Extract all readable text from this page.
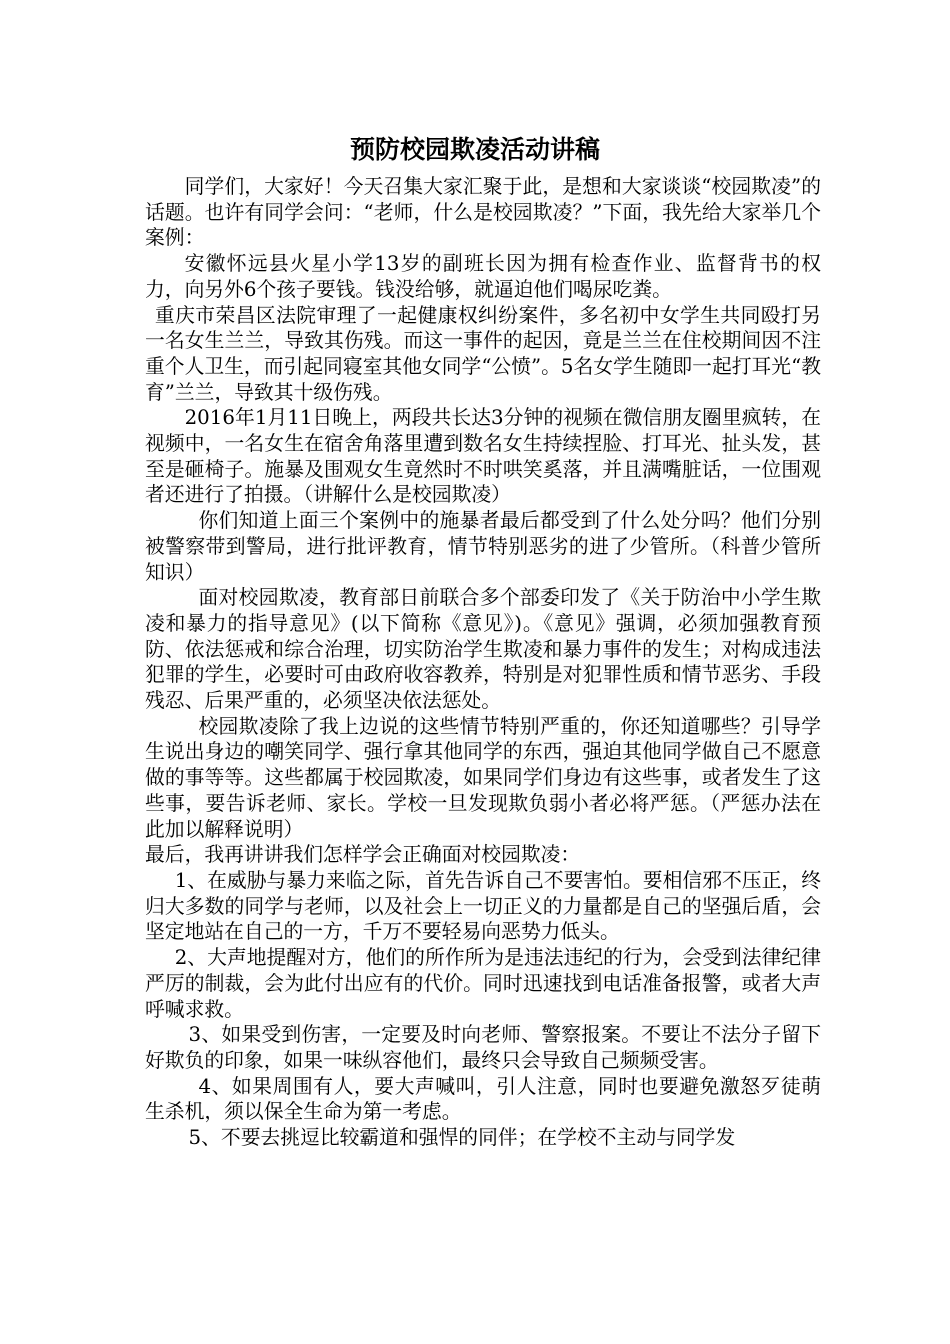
预防校园欺凌活动讲稿

同学们，大家好！今天召集大家汇聚于此，是想和大家谈谈“校园欺凌”的话题。也许有同学会问：“老师，什么是校园欺凌？”下面，我先给大家举几个案例：

安徽怀远县火星小学13岁的副班长因为拥有检查作业、监督背书的权力，向另外6个孩子要钱。钱没给够，就逼迫他们喝尿吃粪。

重庆市荣昌区法院审理了一起健康权纠纷案件，多名初中女学生共同殴打另一名女生兰兰，导致其伤残。而这一事件的起因，竟是兰兰在住校期间因不注重个人卫生，而引起同寝室其他女同学“公愤”。5名女学生随即一起打耳光“教育”兰兰，导致其十级伤残。

2016年1月11日晚上，两段共长达3分钟的视频在微信朋友圈里疯转，在视频中，一名女生在宿舍角落里遭到数名女生持续捏脸、打耳光、扯头发，甚至是砸椅子。施暴及围观女生竟然时不时哄笑奚落，并且满嘴脏话，一位围观者还进行了拍摄。（讲解什么是校园欺凌）

你们知道上面三个案例中的施暴者最后都受到了什么处分吗？他们分别被警察带到警局，进行批评教育，情节特别恶劣的进了少管所。（科普少管所知识）

面对校园欺凌，教育部日前联合多个部委印发了《关于防治中小学生欺凌和暴力的指导意见》(以下简称《意见》)。《意见》强调，必须加强教育预防、依法惩戒和综合治理，切实防治学生欺凌和暴力事件的发生；对构成违法犯罪的学生，必要时可由政府收容教养，特别是对犯罪性质和情节恶劣、手段残忍、后果严重的，必须坚决依法惩处。

校园欺凌除了我上边说的这些情节特别严重的，你还知道哪些？引导学生说出身边的嘲笑同学、强行拿其他同学的东西，强迫其他同学做自己不愿意做的事等等。这些都属于校园欺凌，如果同学们身边有这些事，或者发生了这些事，要告诉老师、家长。学校一旦发现欺负弱小者必将严惩。（严惩办法在此加以解释说明）

最后，我再讲讲我们怎样学会正确面对校园欺凌：

1、在威胁与暴力来临之际，首先告诉自己不要害怕。要相信邪不压正，终归大多数的同学与老师，以及社会上一切正义的力量都是自己的坚强后盾，会坚定地站在自己的一方，千万不要轻易向恶势力低头。

2、大声地提醒对方，他们的所作所为是违法违纪的行为，会受到法律纪律严厉的制裁，会为此付出应有的代价。同时迅速找到电话准备报警，或者大声呼喊求救。

3、如果受到伤害，一定要及时向老师、警察报案。不要让不法分子留下好欺负的印象，如果一味纵容他们，最终只会导致自己频频受害。

4、如果周围有人，要大声喊叫，引人注意，同时也要避免激怒歹徒萌生杀机，须以保全生命为第一考虑。

5、不要去挑逗比较霸道和强悍的同伴；在学校不主动与同学发
